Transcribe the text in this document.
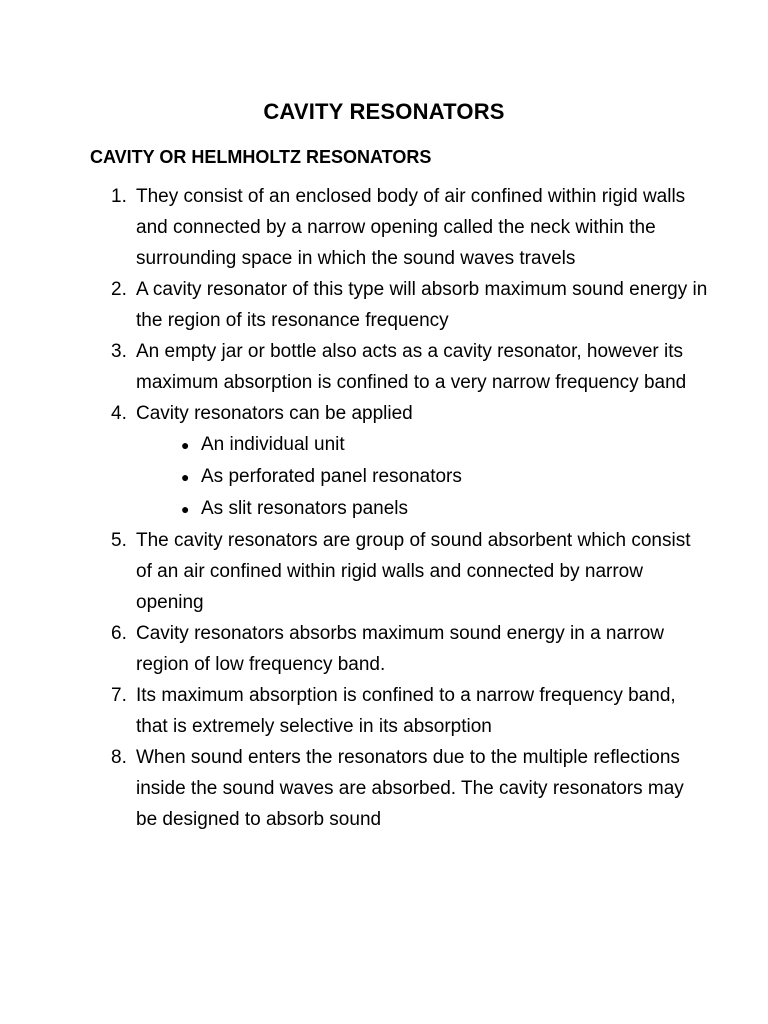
CAVITY RESONATORS
CAVITY OR HELMHOLTZ RESONATORS
1. They consist of an enclosed body of air confined within rigid walls and connected by a narrow opening called the neck within the surrounding space in which the sound waves travels
2. A cavity resonator of this type will absorb maximum sound energy in the region of its resonance frequency
3. An empty jar or bottle also acts as a cavity resonator, however its maximum absorption is confined to a very narrow frequency band
4. Cavity resonators can be applied
● An individual unit
● As perforated panel resonators
● As slit resonators panels
5. The cavity resonators are group of sound absorbent which consist of an air confined within rigid walls and connected by narrow opening
6. Cavity resonators absorbs maximum sound energy in a narrow region of low frequency band.
7. Its maximum absorption is confined to a narrow frequency band, that is extremely selective in its absorption
8. When sound enters the resonators due to the multiple reflections inside the sound waves are absorbed. The cavity resonators may be designed to absorb sound
